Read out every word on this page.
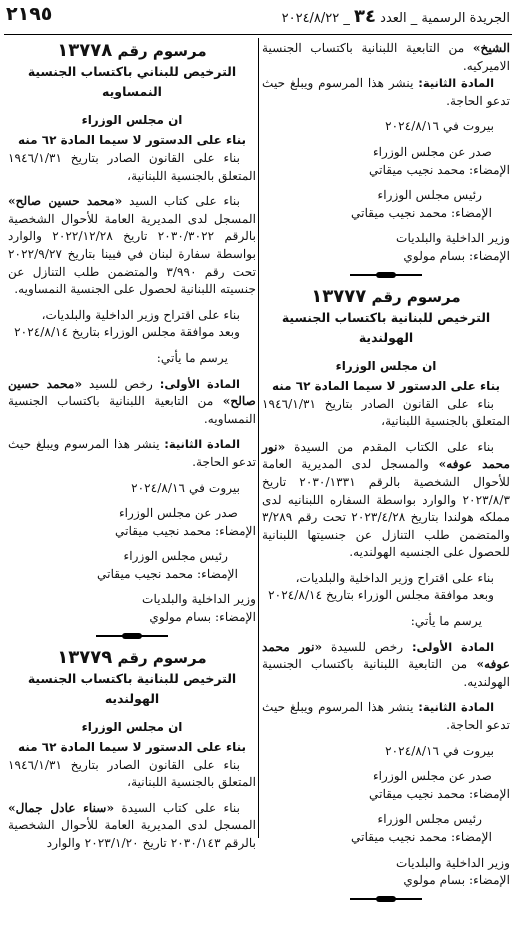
٢١٩٥	الجريدة الرسمية _ العدد ٣٤ _ ٢٠٢٤/٨/٢٢

الشيخ» من التابعية اللبنانية باكتساب الجنسية الاميركيه.

المادة الثانية: ينشر هذا المرسوم ويبلغ حيث تدعو الحاجة.

بيروت في ٢٠٢٤/٨/١٦

صدر عن مجلس الوزراء

الإمضاء: محمد نجيب ميقاتي

رئيس مجلس الوزراء

الإمضاء: محمد نجيب ميقاتي

وزير الداخلية والبلديات

الإمضاء: بسام مولوي

مرسوم رقم ١٣٧٧٧

الترخيص للبنانية باكتساب الجنسية الهولندية

ان مجلس الوزراء

بناء على الدستور لا سيما المادة ٦٢ منه

بناء على القانون الصادر بتاريخ ١٩٤٦/١/٣١ المتعلق بالجنسية اللبنانية،

بناء على الكتاب المقدم من السيدة «نور محمد عوفه» والمسجل لدى المديرية العامة للأحوال الشخصية بالرقم ٢٠٣٠/١٣٣١ تاريخ ٢٠٢٣/٨/٣ والوارد بواسطة السفاره اللبنانيه لدى مملكه هولندا بتاريخ ٢٠٢٣/٤/٢٨ تحت رقم ٣/٢٨٩ والمتضمن طلب التنازل عن جنسيتها اللبنانية للحصول على الجنسيه الهولنديه.

بناء على اقتراح وزير الداخلية والبلديات،

وبعد موافقة مجلس الوزراء بتاريخ ٢٠٢٤/٨/١٤

يرسم ما يأتي:

المادة الأولى: رخص للسيدة «نور محمد عوفه» من التابعية اللبنانية باكتساب الجنسية الهولنديه.

المادة الثانية: ينشر هذا المرسوم ويبلغ حيث تدعو الحاجة.

بيروت في ٢٠٢٤/٨/١٦

صدر عن مجلس الوزراء

الإمضاء: محمد نجيب ميقاتي

رئيس مجلس الوزراء

الإمضاء: محمد نجيب ميقاتي

وزير الداخلية والبلديات

الإمضاء: بسام مولوي

مرسوم رقم ١٣٧٧٨

الترخيص للبناني باكتساب الجنسية النمساويه

ان مجلس الوزراء

بناء على الدستور لا سيما المادة ٦٢ منه

بناء على القانون الصادر بتاريخ ١٩٤٦/١/٣١ المتعلق بالجنسية اللبنانية،

بناء على كتاب السيد «محمد حسين صالح» المسجل لدى المديرية العامة للأحوال الشخصية بالرقم ٢٠٣٠/٣٠٢٢ تاريخ ٢٠٢٢/١٢/٢٨ والوارد بواسطة سفارة لبنان في فيينا بتاريخ ٢٠٢٢/٩/٢٧ تحت رقم ٣/٩٩٠ والمتضمن طلب التنازل عن جنسيته اللبنانية لحصول على الجنسية النمساويه.

بناء على اقتراح وزير الداخلية والبلديات،

وبعد موافقة مجلس الوزراء بتاريخ ٢٠٢٤/٨/١٤

يرسم ما يأتي:

المادة الأولى: رخص للسيد «محمد حسين صالح» من التابعية اللبنانية باكتساب الجنسية النمساويه.

المادة الثانية: ينشر هذا المرسوم ويبلغ حيث تدعو الحاجة.

بيروت في ٢٠٢٤/٨/١٦

صدر عن مجلس الوزراء

الإمضاء: محمد نجيب ميقاتي

رئيس مجلس الوزراء

الإمضاء: محمد نجيب ميقاتي

وزير الداخلية والبلديات

الإمضاء: بسام مولوي

مرسوم رقم ١٣٧٧٩

الترخيص للبنانية باكتساب الجنسية الهولنديه

ان مجلس الوزراء

بناء على الدستور لا سيما المادة ٦٢ منه

بناء على القانون الصادر بتاريخ ١٩٤٦/١/٣١ المتعلق بالجنسية اللبنانية،

بناء على كتاب السيدة «سناء عادل جمال» المسجل لدى المديرية العامة للأحوال الشخصية بالرقم ٢٠٣٠/١٤٣ تاريخ ٢٠٢٣/١/٢٠ والوارد
